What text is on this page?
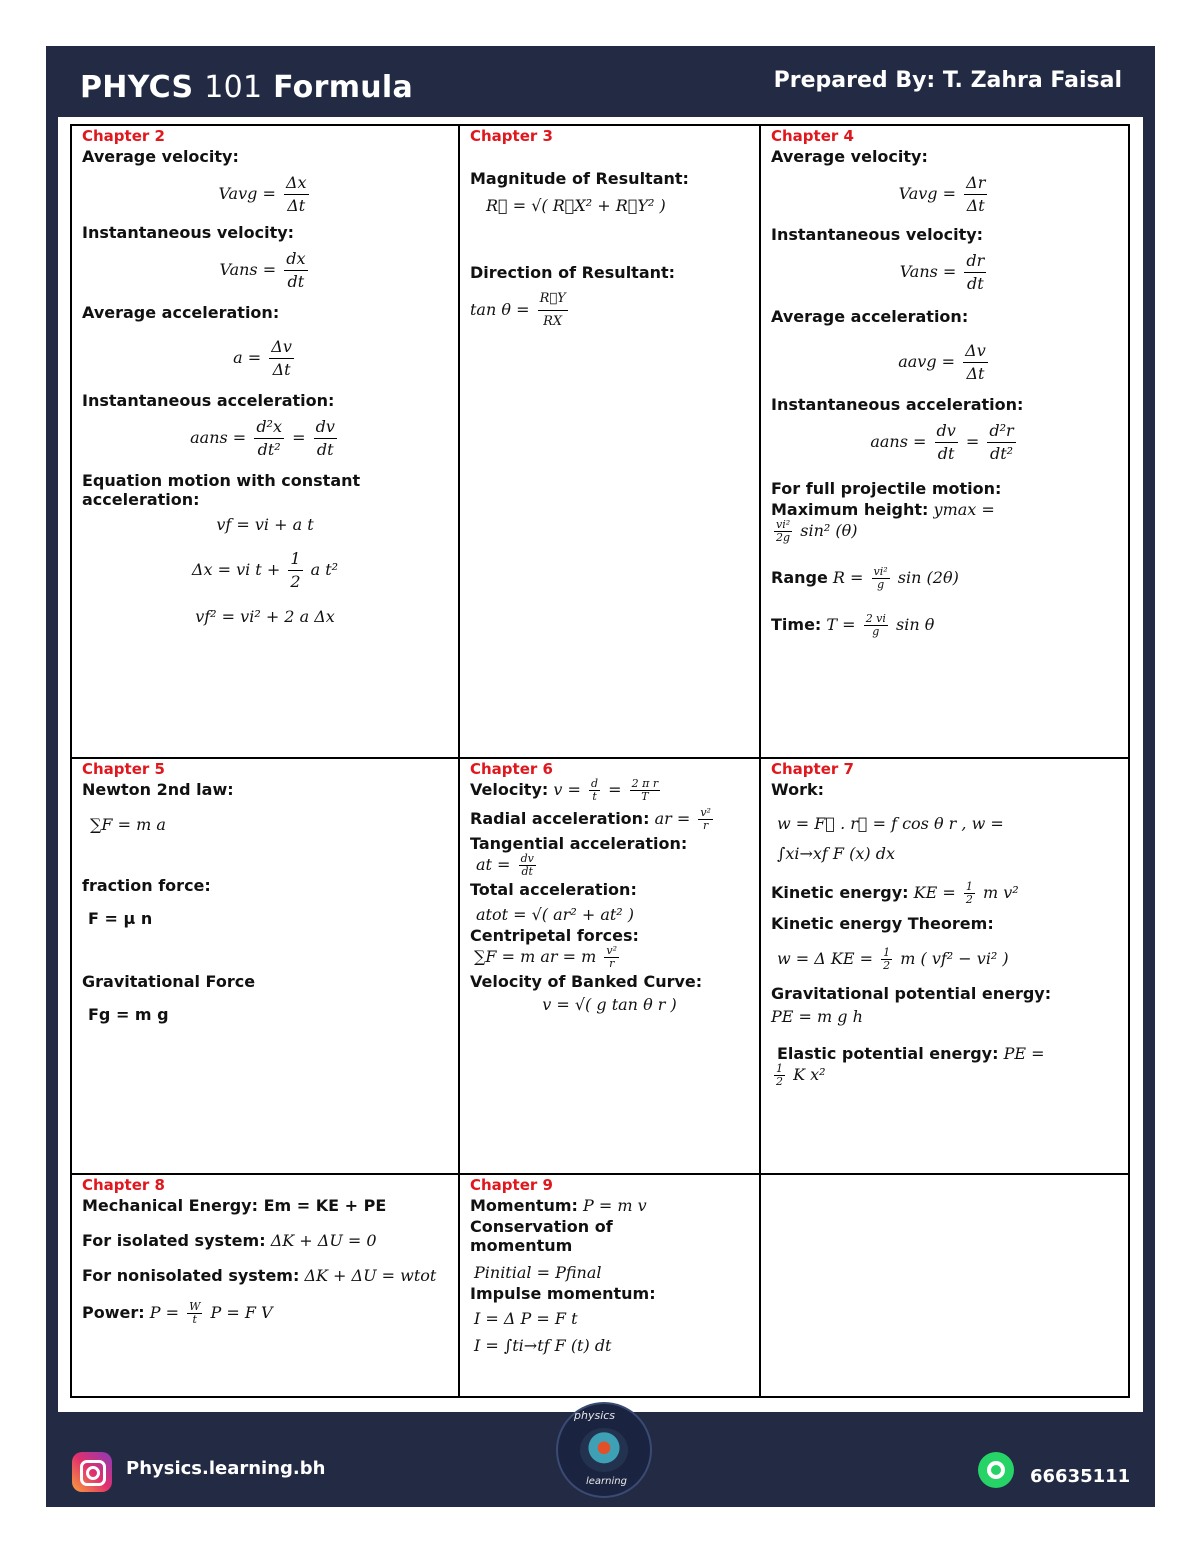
PHYCS 101 Formula	Prepared By: T. Zahra Faisal
Chapter 2
Average velocity:
Vavg = $\frac{\Delta x}{\Delta t}$
Instantaneous velocity:
Vans = $\frac{dx}{dt}$
Average acceleration:
$a = \frac{\Delta v}{\Delta t}$
Instantaneous acceleration:
aans = $\frac{\text{d²x}}{\text{dt²}} = \frac{dv}{dt}$
Equation motion with constant acceleration:
vf = vi + a t
Δx = vi $t + \frac{1}{2}$ a t²
vf² = vi² + 2 a Δx
Chapter 3
Magnitude of Resultant:
R⃗ = √( R⃗X² + R⃗Y² )
Direction of Resultant:
$\tan \theta = \frac{R⃗Y}{RX}$
Chapter 4
Average velocity:
Vavg = $\frac{\Delta r}{\Delta t}$
Instantaneous velocity:
Vans = $\frac{dr}{dt}$
Average acceleration:
aavg = $\frac{\Delta v}{\Delta t}$
Instantaneous acceleration:
aans = $\frac{dv}{dt} = \frac{\text{d²r}}{\text{dt²}}$
For full projectile motion:
Maximum height: ymax =
$\frac{\text{vi²}}{2g} \sin^2$ (θ)
Range $R = \frac{\text{vi²}}{g}$ sin (2θ)
Time: $T = \frac{2 vi}{g}$ sin θ
Chapter 5
Newton 2nd law:
∑F = m a
fraction force:
F = μ n
Gravitational Force
Fg = m g
Chapter 6
Velocity: $v = \frac{d}{t} = \frac{\text{2 π r}}{T}$
Radial acceleration: ar = $\frac{\text{v²}}{r}$
Tangential acceleration:
at = $\frac{dv}{dt}$
Total acceleration:
atot = √( ar² + at² )
Centripetal forces:
∑F = m ar = m $\frac{\text{v²}}{r}$
Velocity of Banked Curve:
v = √( g tan θ r )
Chapter 7
Work:
w = F⃗ . r⃗ = f cos θ r , w = ∫xi→xf F (x) dx
Kinetic energy: KE = $\frac{1}{2}$ m v²
Kinetic energy Theorem:
w = Δ KE = $\frac{1}{2}$ m ( vf² − vi² )
Gravitational potential energy:
PE = m g h
Elastic potential energy: PE =
$\frac{1}{2}$ K x²
Chapter 8
Mechanical Energy: Em = KE + PE
For isolated system: ΔK + ΔU = 0
For nonisolated system: ΔK + ΔU = wtot
Power: $P = \frac{W}{t}$ P = F V
Chapter 9
Momentum: P = m v
Conservation of momentum
Pinitial = Pfinal
Impulse momentum:
I = Δ P = F t
I = ∫ti→tf F (t) dt
Physics.learning.bh
physics
learning	66635111
